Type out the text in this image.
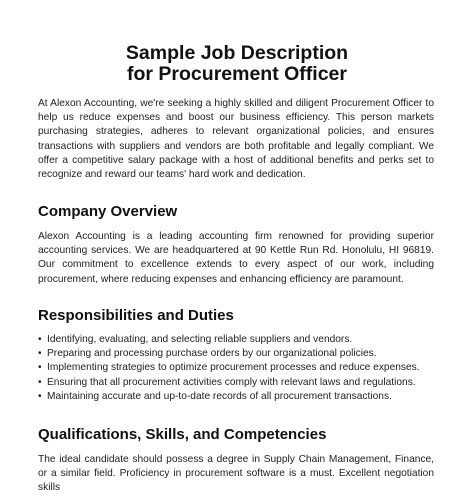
Sample Job Description
for Procurement Officer

At Alexon Accounting, we're seeking a highly skilled and diligent Procurement Officer to help us reduce expenses and boost our business efficiency. This person markets purchasing strategies, adheres to relevant organizational policies, and ensures transactions with suppliers and vendors are both profitable and legally compliant. We offer a competitive salary package with a host of additional benefits and perks set to recognize and reward our teams' hard work and dedication.

Company Overview

Alexon Accounting is a leading accounting firm renowned for providing superior accounting services. We are headquartered at 90 Kettle Run Rd. Honolulu, HI 96819. Our commitment to excellence extends to every aspect of our work, including procurement, where reducing expenses and enhancing efficiency are paramount.

Responsibilities and Duties
• Identifying, evaluating, and selecting reliable suppliers and vendors.
• Preparing and processing purchase orders by our organizational policies.
• Implementing strategies to optimize procurement processes and reduce expenses.
• Ensuring that all procurement activities comply with relevant laws and regulations.
• Maintaining accurate and up-to-date records of all procurement transactions.
Qualifications, Skills, and Competencies

The ideal candidate should possess a degree in Supply Chain Management, Finance, or a similar field. Proficiency in procurement software is a must. Excellent negotiation skills
